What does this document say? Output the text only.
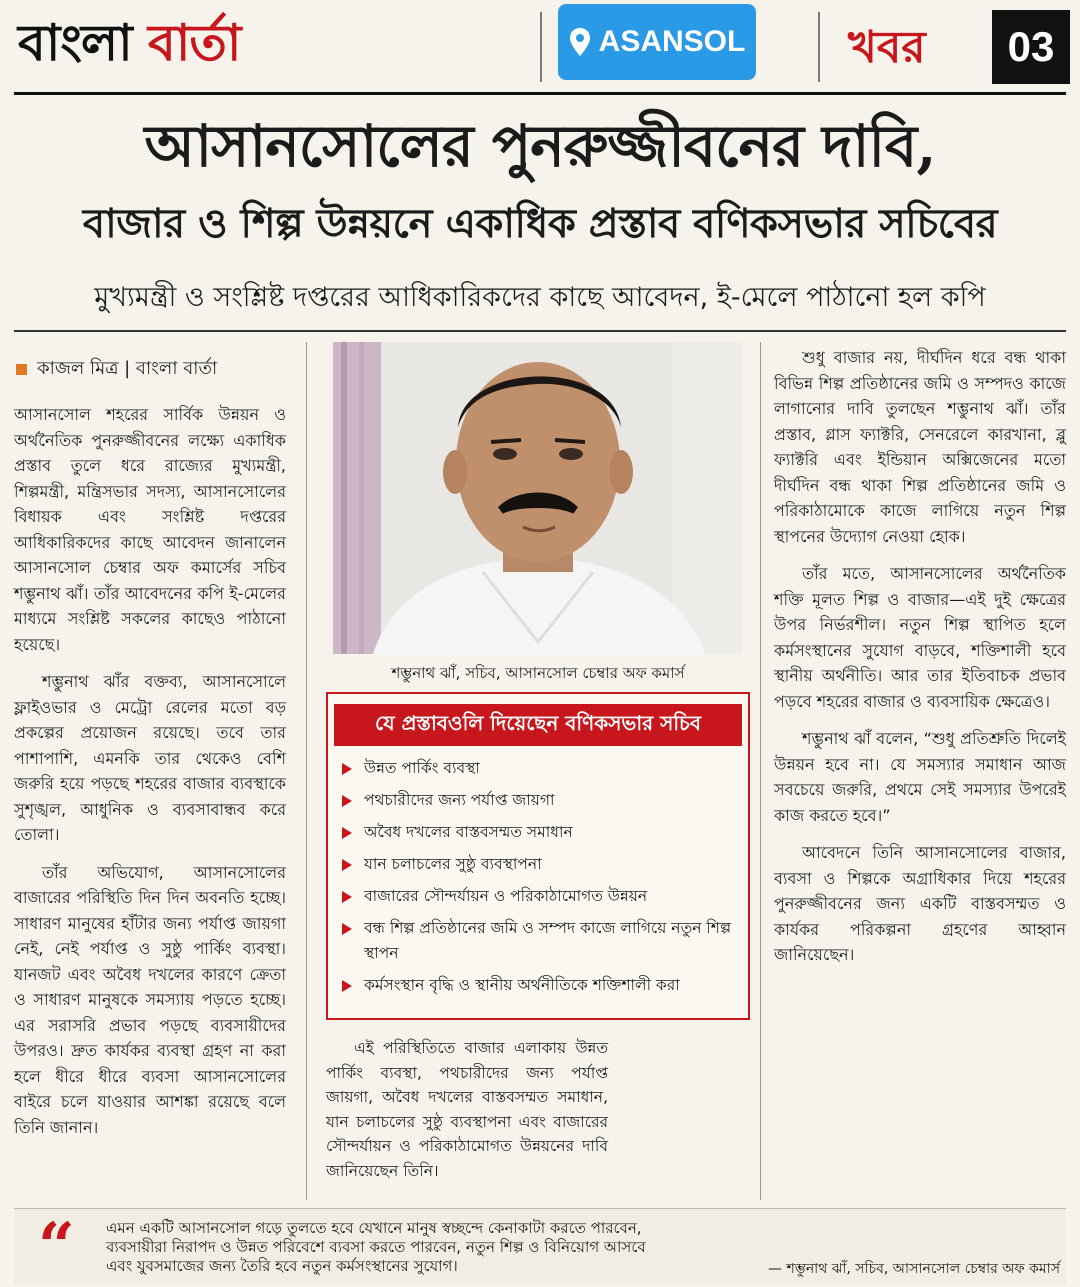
বাংলা বার্তা	ASANSOL খবর	03
আসানসোলের পুনরুজ্জীবনের দাবি,
বাজার ও শিল্প উন্নয়নে একাধিক প্রস্তাব বণিকসভার সচিবের
মুখ্যমন্ত্রী ও সংশ্লিষ্ট দপ্তরের আধিকারিকদের কাছে আবেদন, ই-মেলে পাঠানো হল কপি
কাজল মিত্র | বাংলা বার্তা

আসানসোল শহরের সার্বিক উন্নয়ন ও অর্থনৈতিক পুনরুজ্জীবনের লক্ষ্যে একাধিক প্রস্তাব তুলে ধরে রাজ্যের মুখ্যমন্ত্রী, শিল্পমন্ত্রী, মন্ত্রিসভার সদস্য, আসানসোলের বিধায়ক এবং সংশ্লিষ্ট দপ্তরের আধিকারিকদের কাছে আবেদন জানালেন আসানসোল চেম্বার অফ কমার্সের সচিব শম্ভুনাথ ঝাঁ। তাঁর আবেদনের কপি ই-মেলের মাধ্যমে সংশ্লিষ্ট সকলের কাছেও পাঠানো হয়েছে।

শম্ভুনাথ ঝাঁর বক্তব্য, আসানসোলে ফ্লাইওভার ও মেট্রো রেলের মতো বড় প্রকল্পের প্রয়োজন রয়েছে। তবে তার পাশাপাশি, এমনকি তার থেকেও বেশি জরুরি হয়ে পড়ছে শহরের বাজার ব্যবস্থাকে সুশৃঙ্খল, আধুনিক ও ব্যবসাবান্ধব করে তোলা।

তাঁর অভিযোগ, আসানসোলের বাজারের পরিস্থিতি দিন দিন অবনতি হচ্ছে। সাধারণ মানুষের হাঁটার জন্য পর্যাপ্ত জায়গা নেই, নেই পর্যাপ্ত ও সুষ্ঠু পার্কিং ব্যবস্থা। যানজট এবং অবৈধ দখলের কারণে ক্রেতা ও সাধারণ মানুষকে সমস্যায় পড়তে হচ্ছে। এর সরাসরি প্রভাব পড়ছে ব্যবসায়ীদের উপরও। দ্রুত কার্যকর ব্যবস্থা গ্রহণ না করা হলে ধীরে ধীরে ব্যবসা আসানসোলের বাইরে চলে যাওয়ার আশঙ্কা রয়েছে বলে তিনি জানান।

শম্ভুনাথ ঝাঁ, সচিব, আসানসোল চেম্বার অফ কমার্স
যে প্রস্তাবওলি দিয়েছেন বণিকসভার সচিব
উন্নত পার্কিং ব্যবস্থা
পথচারীদের জন্য পর্যাপ্ত জায়গা
অবৈধ দখলের বাস্তবসম্মত সমাধান
যান চলাচলের সুষ্ঠু ব্যবস্থাপনা
বাজারের সৌন্দর্যায়ন ও পরিকাঠামোগত উন্নয়ন
বন্ধ শিল্প প্রতিষ্ঠানের জমি ও সম্পদ কাজে লাগিয়ে নতুন শিল্প স্থাপন
কর্মসংস্থান বৃদ্ধি ও স্থানীয় অর্থনীতিকে শক্তিশালী করা

এই পরিস্থিতিতে বাজার এলাকায় উন্নত পার্কিং ব্যবস্থা, পথচারীদের জন্য পর্যাপ্ত জায়গা, অবৈধ দখলের বাস্তবসম্মত সমাধান, যান চলাচলের সুষ্ঠু ব্যবস্থাপনা এবং বাজারের সৌন্দর্যায়ন ও পরিকাঠামোগত উন্নয়নের দাবি জানিয়েছেন তিনি।

শুধু বাজার নয়, দীর্ঘদিন ধরে বন্ধ থাকা বিভিন্ন শিল্প প্রতিষ্ঠানের জমি ও সম্পদও কাজে লাগানোর দাবি তুলছেন শম্ভুনাথ ঝাঁ। তাঁর প্রস্তাব, গ্লাস ফ্যাক্টরি, সেনরেলে কারখানা, ব্লু ফ্যাক্টরি এবং ইন্ডিয়ান অক্সিজেনের মতো দীর্ঘদিন বন্ধ থাকা শিল্প প্রতিষ্ঠানের জমি ও পরিকাঠামোকে কাজে লাগিয়ে নতুন শিল্প স্থাপনের উদ্যোগ নেওয়া হোক।

তাঁর মতে, আসানসোলের অর্থনৈতিক শক্তি মূলত শিল্প ও বাজার—এই দুই ক্ষেত্রের উপর নির্ভরশীল। নতুন শিল্প স্থাপিত হলে কর্মসংস্থানের সুযোগ বাড়বে, শক্তিশালী হবে স্থানীয় অর্থনীতি। আর তার ইতিবাচক প্রভাব পড়বে শহরের বাজার ও ব্যবসায়িক ক্ষেত্রেও।

শম্ভুনাথ ঝাঁ বলেন, “শুধু প্রতিশ্রুতি দিলেই উন্নয়ন হবে না। যে সমস্যার সমাধান আজ সবচেয়ে জরুরি, প্রথমে সেই সমস্যার উপরেই কাজ করতে হবে।”

আবেদনে তিনি আসানসোলের বাজার, ব্যবসা ও শিল্পকে অগ্রাধিকার দিয়ে শহরের পুনরুজ্জীবনের জন্য একটি বাস্তবসম্মত ও কার্যকর পরিকল্পনা গ্রহণের আহ্বান জানিয়েছেন।

“ এমন একটি আসানসোল গড়ে তুলতে হবে যেখানে মানুষ স্বচ্ছন্দে কেনাকাটা করতে পারবেন,
ব্যবসায়ীরা নিরাপদ ও উন্নত পরিবেশে ব্যবসা করতে পারবেন, নতুন শিল্প ও বিনিয়োগ আসবে
এবং যুবসমাজের জন্য তৈরি হবে নতুন কর্মসংস্থানের সুযোগ।	— শম্ভুনাথ ঝাঁ, সচিব, আসানসোল চেম্বার অফ কমার্স
